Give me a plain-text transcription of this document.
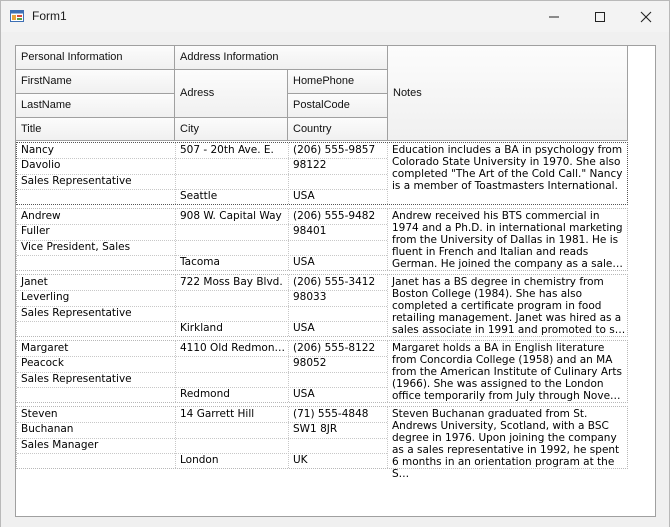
Form1
Personal Information	Address Information
Notes
FirstName
LastName
Title
Adress
City
HomePhone
PostalCode
Country
Nancy
Davolio
Sales Representative
507 - 20th Ave. E.
Seattle
(206) 555-9857
98122
USA
Education includes a BA in psychology from Colorado State University in 1970. She also completed "The Art of the Cold Call." Nancy is a member of Toastmasters International.
Andrew
Fuller
Vice President, Sales
908 W. Capital Way
Tacoma
(206) 555-9482
98401
USA
Andrew received his BTS commercial in 1974 and a Ph.D. in international marketing from the University of Dallas in 1981. He is fluent in French and Italian and reads German. He joined the company as a sale…
Janet
Leverling
Sales Representative
722 Moss Bay Blvd.
Kirkland
(206) 555-3412
98033
USA
Janet has a BS degree in chemistry from Boston College (1984). She has also completed a certificate program in food retailing management. Janet was hired as a sales associate in 1991 and promoted to s…
Margaret
Peacock
Sales Representative
4110 Old Redmon…
Redmond
(206) 555-8122
98052
USA
Margaret holds a BA in English literature from Concordia College (1958) and an MA from the American Institute of Culinary Arts (1966). She was assigned to the London office temporarily from July through Nove…
Steven
Buchanan
Sales Manager
14 Garrett Hill
London
(71) 555-4848
SW1 8JR
UK
Steven Buchanan graduated from St. Andrews University, Scotland, with a BSC degree in 1976. Upon joining the company as a sales representative in 1992, he spent 6 months in an orientation program at the S…
